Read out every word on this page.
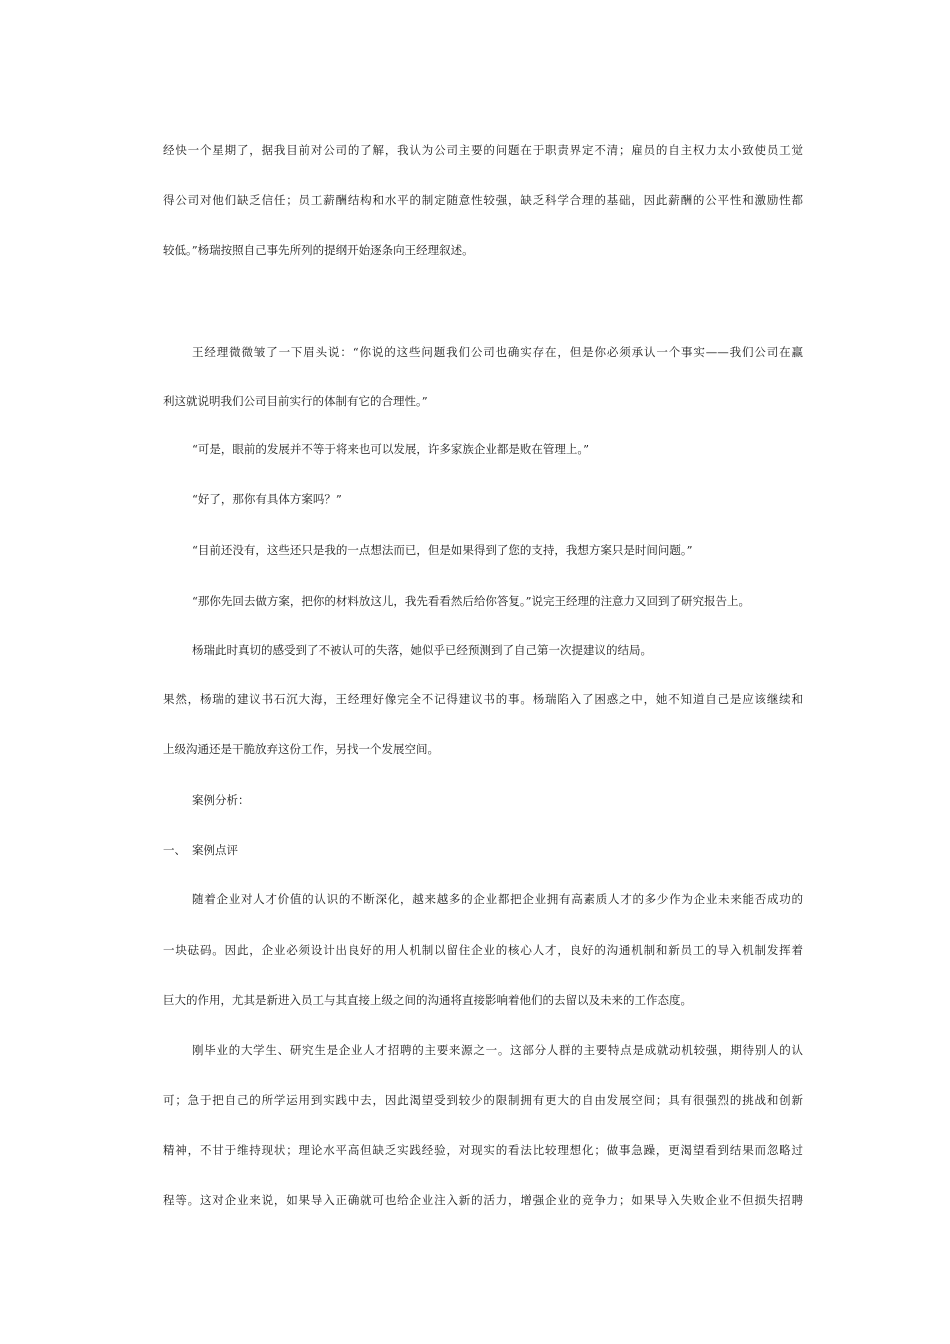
经快一个星期了，据我目前对公司的了解，我认为公司主要的问题在于职责界定不清；雇员的自主权力太小致使员工觉
得公司对他们缺乏信任；员工薪酬结构和水平的制定随意性较强，缺乏科学合理的基础，因此薪酬的公平性和激励性都
较低。”杨瑞按照自己事先所列的提纲开始逐条向王经理叙述。
王经理微微皱了一下眉头说：“你说的这些问题我们公司也确实存在，但是你必须承认一个事实——我们公司在赢
利这就说明我们公司目前实行的体制有它的合理性。”
“可是，眼前的发展并不等于将来也可以发展，许多家族企业都是败在管理上。”
“好了，那你有具体方案吗？”
“目前还没有，这些还只是我的一点想法而已，但是如果得到了您的支持，我想方案只是时间问题。”
“那你先回去做方案，把你的材料放这儿，我先看看然后给你答复。”说完王经理的注意力又回到了研究报告上。
杨瑞此时真切的感受到了不被认可的失落，她似乎已经预测到了自己第一次提建议的结局。
果然，杨瑞的建议书石沉大海，王经理好像完全不记得建议书的事。杨瑞陷入了困惑之中，她不知道自己是应该继续和
上级沟通还是干脆放弃这份工作，另找一个发展空间。
案例分析：
一、 案例点评
随着企业对人才价值的认识的不断深化，越来越多的企业都把企业拥有高素质人才的多少作为企业未来能否成功的
一块砝码。因此，企业必须设计出良好的用人机制以留住企业的核心人才，良好的沟通机制和新员工的导入机制发挥着
巨大的作用，尤其是新进入员工与其直接上级之间的沟通将直接影响着他们的去留以及未来的工作态度。
刚毕业的大学生、研究生是企业人才招聘的主要来源之一。这部分人群的主要特点是成就动机较强，期待别人的认
可；急于把自己的所学运用到实践中去，因此渴望受到较少的限制拥有更大的自由发展空间；具有很强烈的挑战和创新
精神，不甘于维持现状；理论水平高但缺乏实践经验，对现实的看法比较理想化；做事急躁，更渴望看到结果而忽略过
程等。这对企业来说，如果导入正确就可也给企业注入新的活力，增强企业的竞争力；如果导入失败企业不但损失招聘
